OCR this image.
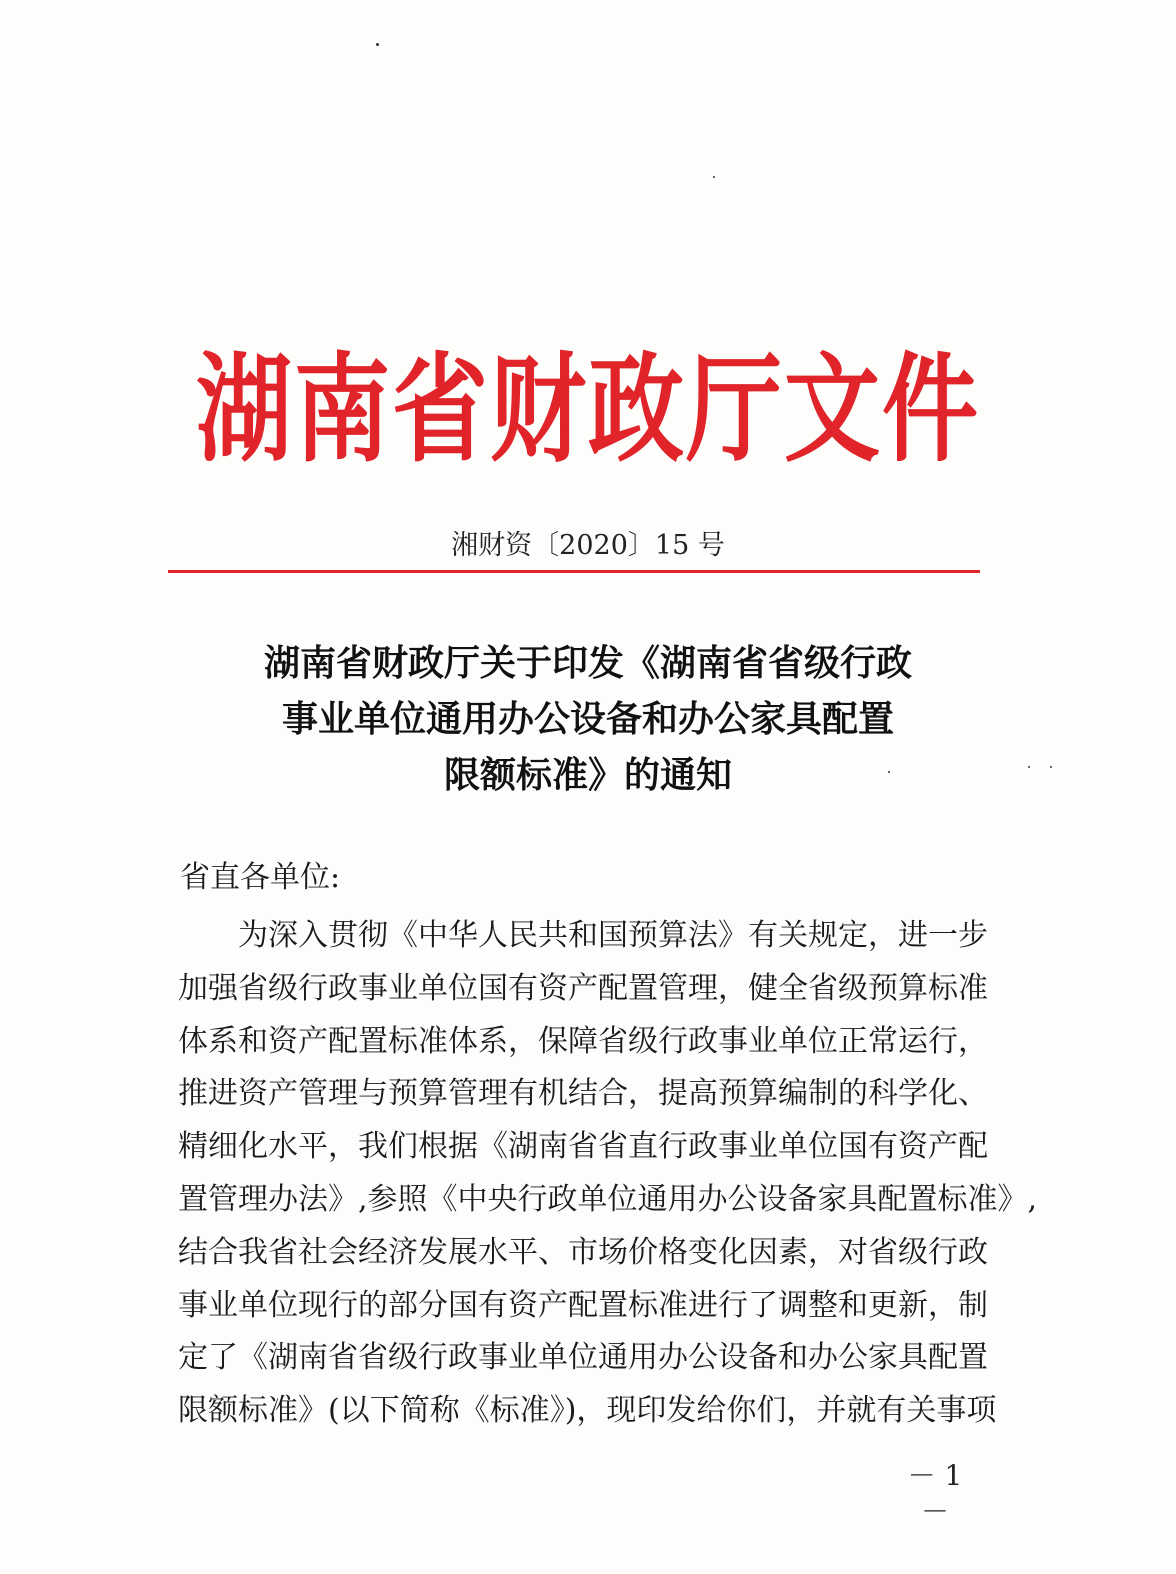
湖南省财政厅文件
湘财资〔2020〕15 号
湖南省财政厅关于印发《湖南省省级行政
事业单位通用办公设备和办公家具配置
限额标准》的通知
省直各单位:
　　为深入贯彻《中华人民共和国预算法》有关规定，进一步
加强省级行政事业单位国有资产配置管理，健全省级预算标准
体系和资产配置标准体系，保障省级行政事业单位正常运行，
推进资产管理与预算管理有机结合，提高预算编制的科学化、
精细化水平，我们根据《湖南省省直行政事业单位国有资产配
置管理办法》,参照《中央行政单位通用办公设备家具配置标准》,
结合我省社会经济发展水平、市场价格变化因素，对省级行政
事业单位现行的部分国有资产配置标准进行了调整和更新，制
定了《湖南省省级行政事业单位通用办公设备和办公家具配置
限额标准》(以下简称《标准》)，现印发给你们，并就有关事项
－ 1 －
